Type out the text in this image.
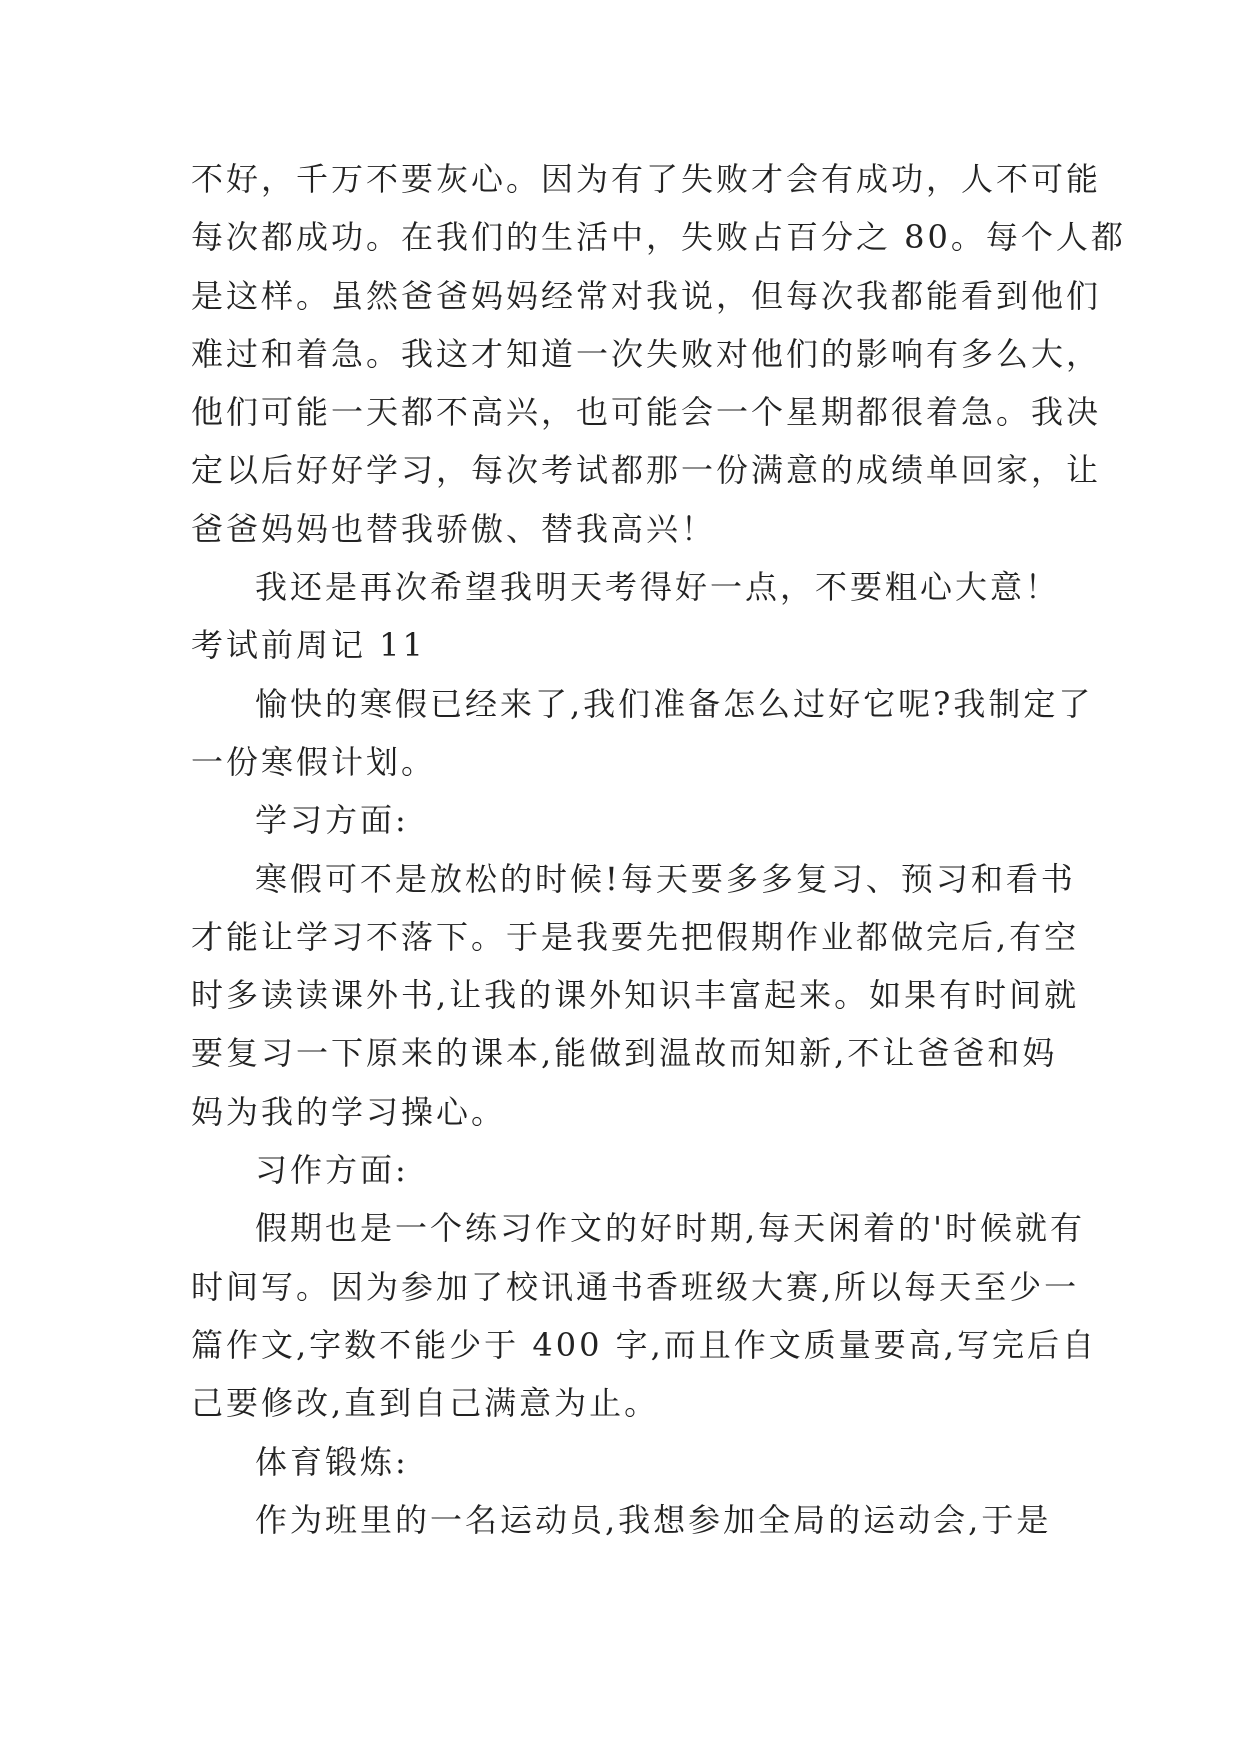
不好，千万不要灰心。因为有了失败才会有成功，人不可能

每次都成功。在我们的生活中，失败占百分之 80。每个人都

是这样。虽然爸爸妈妈经常对我说，但每次我都能看到他们

难过和着急。我这才知道一次失败对他们的影响有多么大，

他们可能一天都不高兴，也可能会一个星期都很着急。我决

定以后好好学习，每次考试都那一份满意的成绩单回家，让

爸爸妈妈也替我骄傲、替我高兴！

我还是再次希望我明天考得好一点，不要粗心大意！

考试前周记 11

愉快的寒假已经来了,我们准备怎么过好它呢?我制定了

一份寒假计划。

学习方面:

寒假可不是放松的时候!每天要多多复习、预习和看书

才能让学习不落下。于是我要先把假期作业都做完后,有空

时多读读课外书,让我的课外知识丰富起来。如果有时间就

要复习一下原来的课本,能做到温故而知新,不让爸爸和妈

妈为我的学习操心。

习作方面:

假期也是一个练习作文的好时期,每天闲着的'时候就有

时间写。因为参加了校讯通书香班级大赛,所以每天至少一

篇作文,字数不能少于 400 字,而且作文质量要高,写完后自

己要修改,直到自己满意为止。

体育锻炼:

作为班里的一名运动员,我想参加全局的运动会,于是
